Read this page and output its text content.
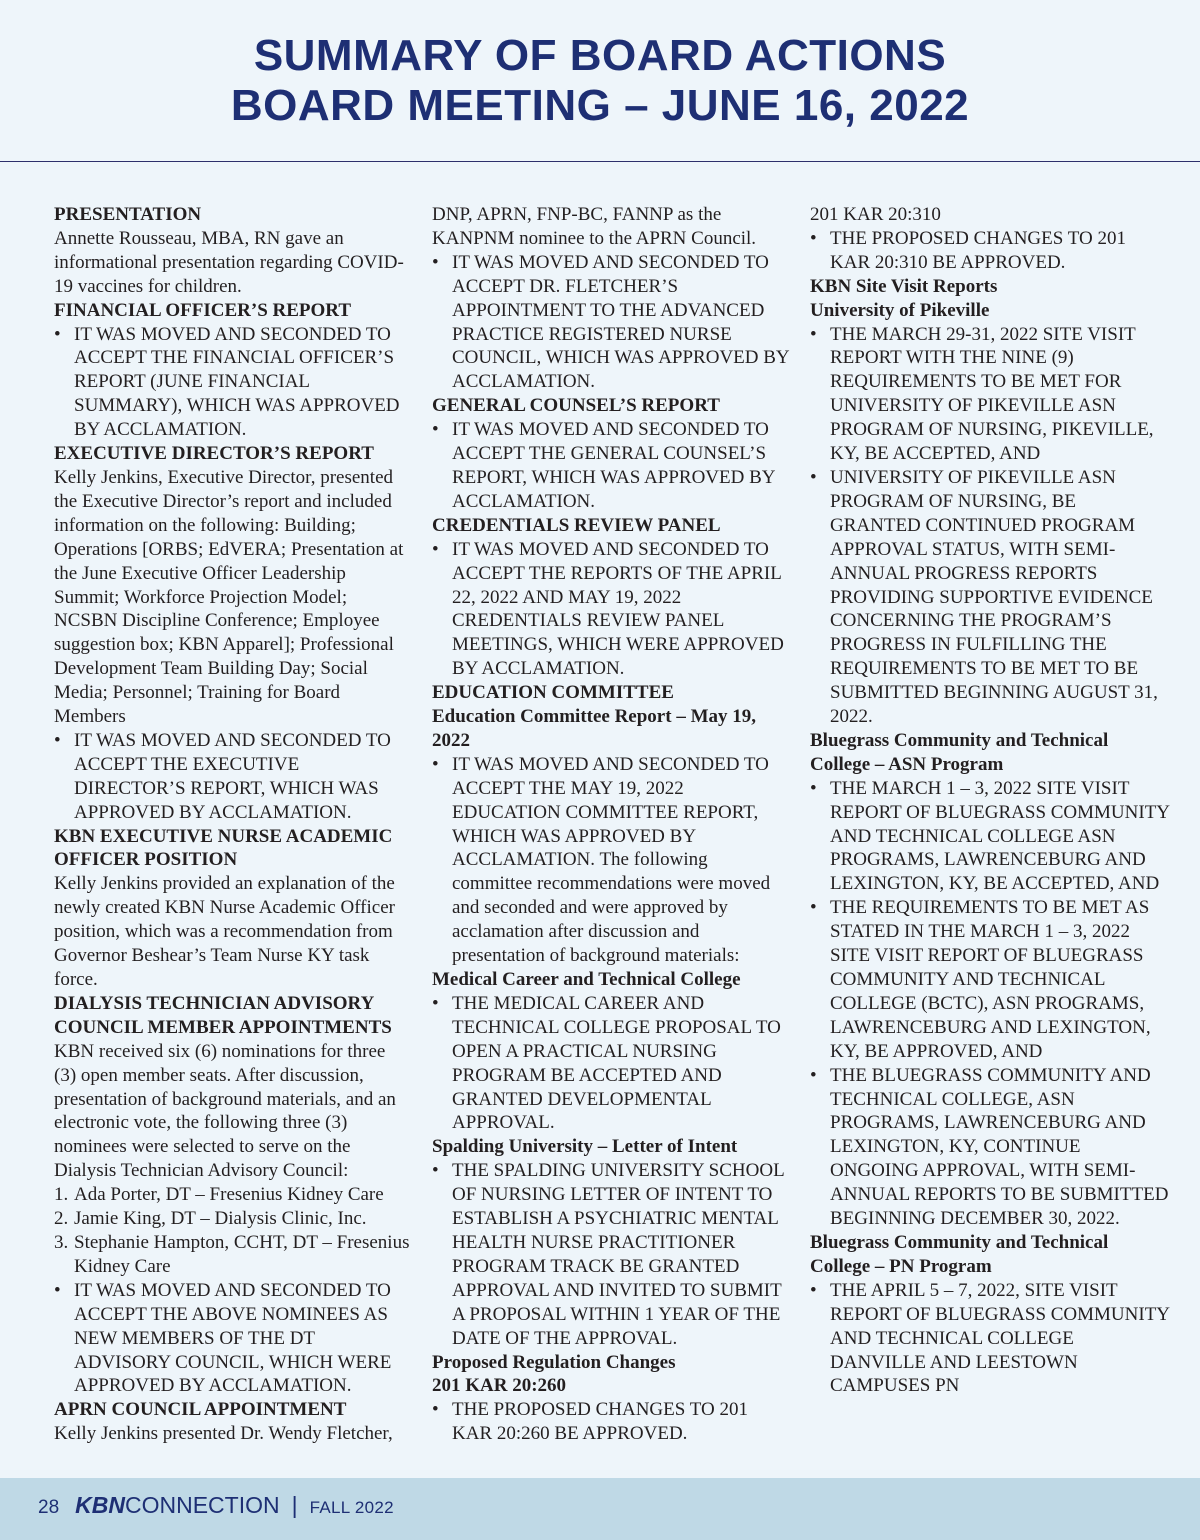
SUMMARY OF BOARD ACTIONS
BOARD MEETING – JUNE 16, 2022

PRESENTATION

Annette Rousseau, MBA, RN gave an informational presentation regarding COVID-19 vaccines for children.

FINANCIAL OFFICER’S REPORT

• IT WAS MOVED AND SECONDED TO ACCEPT THE FINANCIAL OFFICER’S REPORT (JUNE FINANCIAL SUMMARY), WHICH WAS APPROVED BY ACCLAMATION.

EXECUTIVE DIRECTOR’S REPORT

Kelly Jenkins, Executive Director, presented the Executive Director’s report and included information on the following: Building; Operations [ORBS; EdVERA; Presentation at the June Executive Officer Leadership Summit; Workforce Projection Model; NCSBN Discipline Conference; Employee suggestion box; KBN Apparel]; Professional Development Team Building Day; Social Media; Personnel; Training for Board Members

• IT WAS MOVED AND SECONDED TO ACCEPT THE EXECUTIVE DIRECTOR’S REPORT, WHICH WAS APPROVED BY ACCLAMATION.

KBN EXECUTIVE NURSE ACADEMIC OFFICER POSITION

Kelly Jenkins provided an explanation of the newly created KBN Nurse Academic Officer position, which was a recommendation from Governor Beshear’s Team Nurse KY task force.

DIALYSIS TECHNICIAN ADVISORY COUNCIL MEMBER APPOINTMENTS

KBN received six (6) nominations for three (3) open member seats. After discussion, presentation of background materials, and an electronic vote, the following three (3) nominees were selected to serve on the Dialysis Technician Advisory Council:

1. Ada Porter, DT – Fresenius Kidney Care

2. Jamie King, DT – Dialysis Clinic, Inc.

3. Stephanie Hampton, CCHT, DT – Fresenius Kidney Care

• IT WAS MOVED AND SECONDED TO ACCEPT THE ABOVE NOMINEES AS NEW MEMBERS OF THE DT ADVISORY COUNCIL, WHICH WERE APPROVED BY ACCLAMATION.

APRN COUNCIL APPOINTMENT

Kelly Jenkins presented Dr. Wendy Fletcher,

DNP, APRN, FNP-BC, FANNP as the KANPNM nominee to the APRN Council.

• IT WAS MOVED AND SECONDED TO ACCEPT DR. FLETCHER’S APPOINTMENT TO THE ADVANCED PRACTICE REGISTERED NURSE COUNCIL, WHICH WAS APPROVED BY ACCLAMATION.

GENERAL COUNSEL’S REPORT

• IT WAS MOVED AND SECONDED TO ACCEPT THE GENERAL COUNSEL’S REPORT, WHICH WAS APPROVED BY ACCLAMATION.

CREDENTIALS REVIEW PANEL

• IT WAS MOVED AND SECONDED TO ACCEPT THE REPORTS OF THE APRIL 22, 2022 AND MAY 19, 2022 CREDENTIALS REVIEW PANEL MEETINGS, WHICH WERE APPROVED BY ACCLAMATION.

EDUCATION COMMITTEE

Education Committee Report – May 19, 2022

• IT WAS MOVED AND SECONDED TO ACCEPT THE MAY 19, 2022 EDUCATION COMMITTEE REPORT, WHICH WAS APPROVED BY ACCLAMATION. The following committee recommendations were moved and seconded and were approved by acclamation after discussion and presentation of background materials:

Medical Career and Technical College

• THE MEDICAL CAREER AND TECHNICAL COLLEGE PROPOSAL TO OPEN A PRACTICAL NURSING PROGRAM BE ACCEPTED AND GRANTED DEVELOPMENTAL APPROVAL.

Spalding University – Letter of Intent

• THE SPALDING UNIVERSITY SCHOOL OF NURSING LETTER OF INTENT TO ESTABLISH A PSYCHIATRIC MENTAL HEALTH NURSE PRACTITIONER PROGRAM TRACK BE GRANTED APPROVAL AND INVITED TO SUBMIT A PROPOSAL WITHIN 1 YEAR OF THE DATE OF THE APPROVAL.

Proposed Regulation Changes

201 KAR 20:260

• THE PROPOSED CHANGES TO 201 KAR 20:260 BE APPROVED.

201 KAR 20:310

• THE PROPOSED CHANGES TO 201 KAR 20:310 BE APPROVED.

KBN Site Visit Reports

University of Pikeville

• THE MARCH 29-31, 2022 SITE VISIT REPORT WITH THE NINE (9) REQUIREMENTS TO BE MET FOR UNIVERSITY OF PIKEVILLE ASN PROGRAM OF NURSING, PIKEVILLE, KY, BE ACCEPTED, AND

• UNIVERSITY OF PIKEVILLE ASN PROGRAM OF NURSING, BE GRANTED CONTINUED PROGRAM APPROVAL STATUS, WITH SEMI-ANNUAL PROGRESS REPORTS PROVIDING SUPPORTIVE EVIDENCE CONCERNING THE PROGRAM’S PROGRESS IN FULFILLING THE REQUIREMENTS TO BE MET TO BE SUBMITTED BEGINNING AUGUST 31, 2022.

Bluegrass Community and Technical College – ASN Program

• THE MARCH 1 – 3, 2022 SITE VISIT REPORT OF BLUEGRASS COMMUNITY AND TECHNICAL COLLEGE ASN PROGRAMS, LAWRENCEBURG AND LEXINGTON, KY, BE ACCEPTED, AND

• THE REQUIREMENTS TO BE MET AS STATED IN THE MARCH 1 – 3, 2022 SITE VISIT REPORT OF BLUEGRASS COMMUNITY AND TECHNICAL COLLEGE (BCTC), ASN PROGRAMS, LAWRENCEBURG AND LEXINGTON, KY, BE APPROVED, AND

• THE BLUEGRASS COMMUNITY AND TECHNICAL COLLEGE, ASN PROGRAMS, LAWRENCEBURG AND LEXINGTON, KY, CONTINUE ONGOING APPROVAL, WITH SEMI-ANNUAL REPORTS TO BE SUBMITTED BEGINNING DECEMBER 30, 2022.

Bluegrass Community and Technical College – PN Program

• THE APRIL 5 – 7, 2022, SITE VISIT REPORT OF BLUEGRASS COMMUNITY AND TECHNICAL COLLEGE DANVILLE AND LEESTOWN CAMPUSES PN

28 KBN CONNECTION | FALL 2022
